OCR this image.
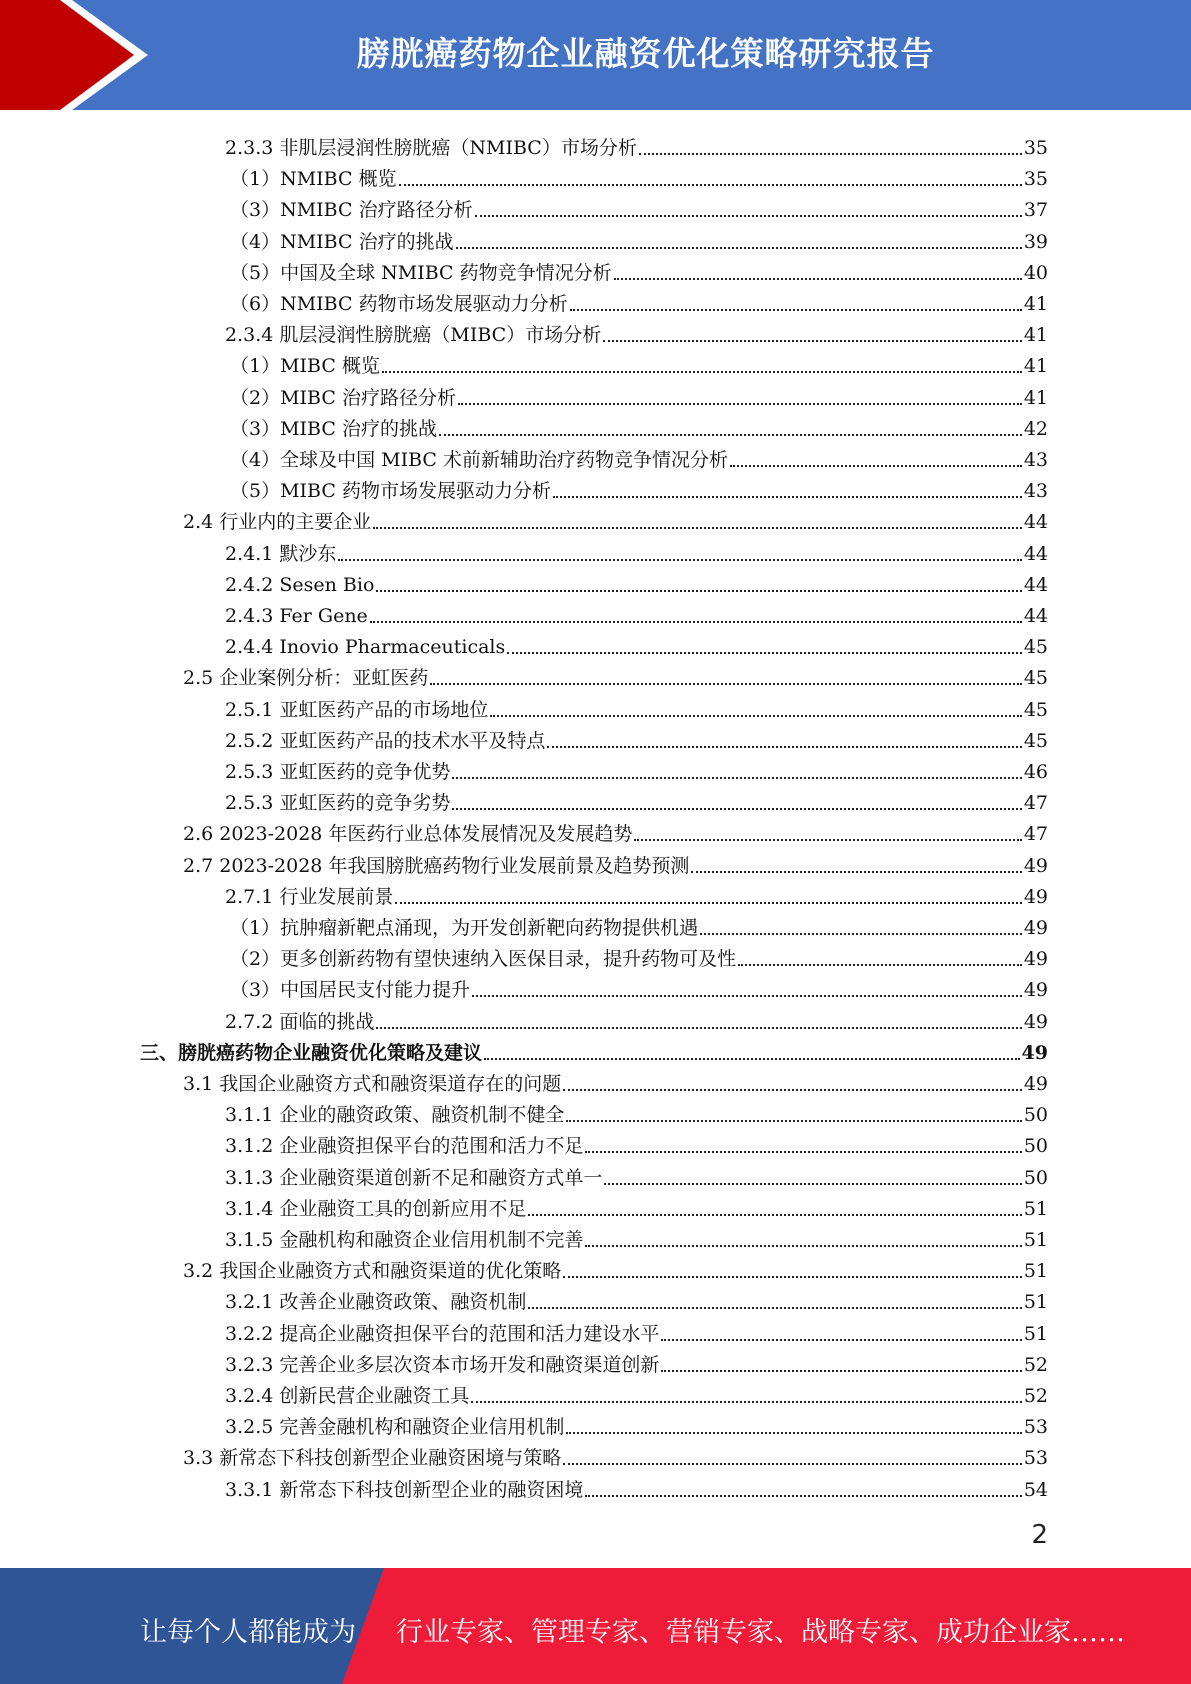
膀胱癌药物企业融资优化策略研究报告
2.3.3 非肌层浸润性膀胱癌（NMIBC）市场分析	35
（1）NMIBC 概览	35
（3）NMIBC 治疗路径分析	37
（4）NMIBC 治疗的挑战	39
（5）中国及全球 NMIBC 药物竞争情况分析	40
（6）NMIBC 药物市场发展驱动力分析	41
2.3.4 肌层浸润性膀胱癌（MIBC）市场分析	41
（1）MIBC 概览	41
（2）MIBC 治疗路径分析	41
（3）MIBC 治疗的挑战	42
（4）全球及中国 MIBC 术前新辅助治疗药物竞争情况分析	43
（5）MIBC 药物市场发展驱动力分析	43
2.4 行业内的主要企业	44
2.4.1 默沙东	44
2.4.2 Sesen Bio	44
2.4.3 Fer Gene	44
2.4.4 Inovio Pharmaceuticals	45
2.5 企业案例分析：亚虹医药	45
2.5.1 亚虹医药产品的市场地位	45
2.5.2 亚虹医药产品的技术水平及特点	45
2.5.3 亚虹医药的竞争优势	46
2.5.3 亚虹医药的竞争劣势	47
2.6 2023-2028 年医药行业总体发展情况及发展趋势	47
2.7 2023-2028 年我国膀胱癌药物行业发展前景及趋势预测	49
2.7.1 行业发展前景	49
（1）抗肿瘤新靶点涌现，为开发创新靶向药物提供机遇	49
（2）更多创新药物有望快速纳入医保目录，提升药物可及性	49
（3）中国居民支付能力提升	49
2.7.2 面临的挑战	49
三、膀胱癌药物企业融资优化策略及建议	49
3.1 我国企业融资方式和融资渠道存在的问题	49
3.1.1 企业的融资政策、融资机制不健全	50
3.1.2 企业融资担保平台的范围和活力不足	50
3.1.3 企业融资渠道创新不足和融资方式单一	50
3.1.4 企业融资工具的创新应用不足	51
3.1.5 金融机构和融资企业信用机制不完善	51
3.2 我国企业融资方式和融资渠道的优化策略	51
3.2.1 改善企业融资政策、融资机制	51
3.2.2 提高企业融资担保平台的范围和活力建设水平	51
3.2.3 完善企业多层次资本市场开发和融资渠道创新	52
3.2.4 创新民营企业融资工具	52
3.2.5 完善金融机构和融资企业信用机制	53
3.3 新常态下科技创新型企业融资困境与策略	53
3.3.1 新常态下科技创新型企业的融资困境	54
2
让每个人都能成为 行业专家、管理专家、营销专家、战略专家、成功企业家……
